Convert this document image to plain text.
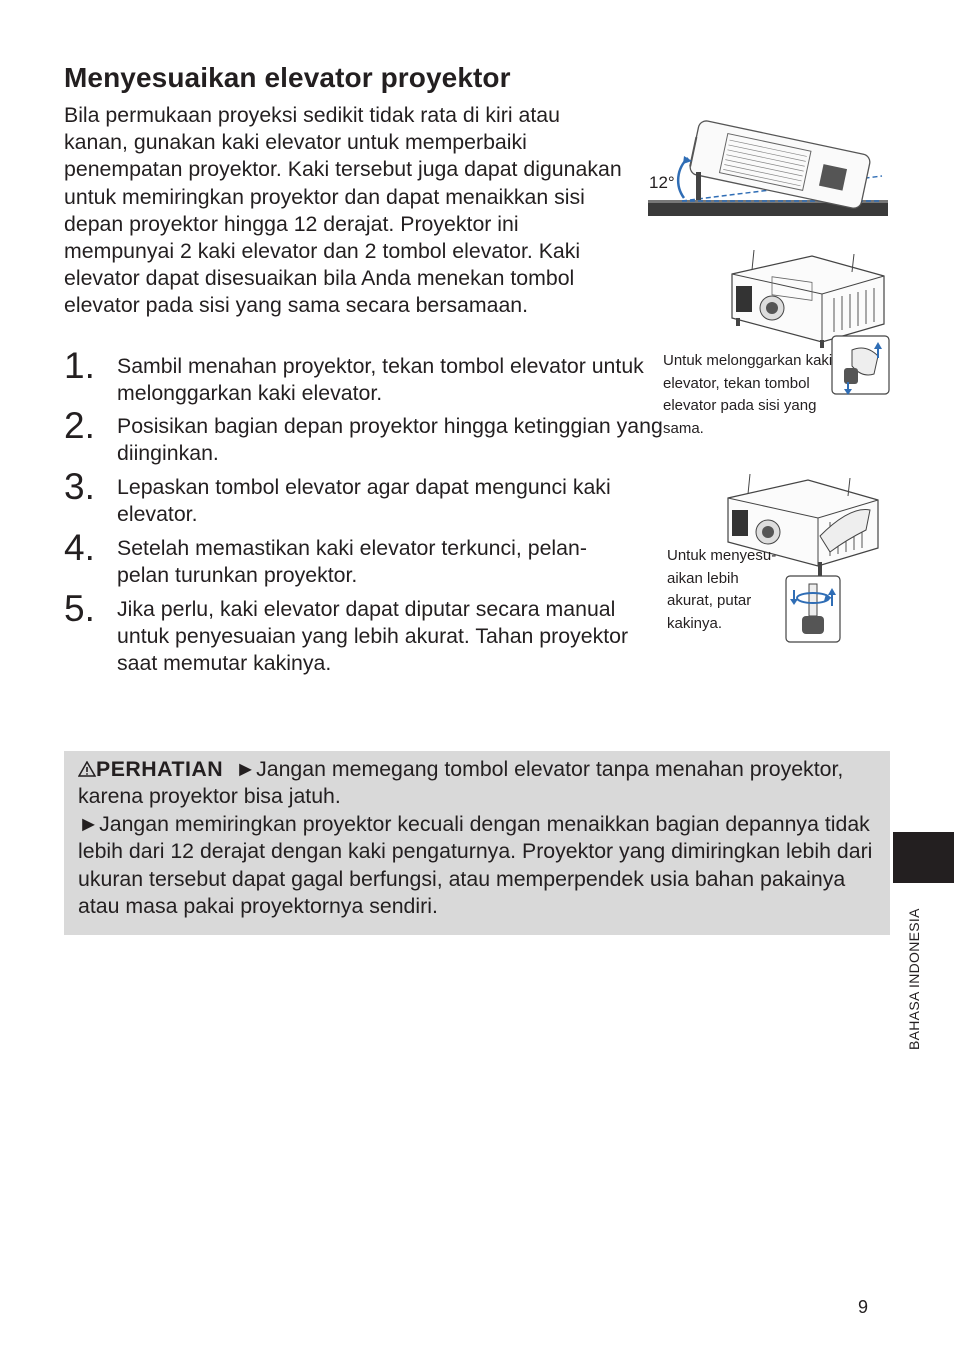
Menyesuaikan elevator proyektor

Bila permukaan proyeksi sedikit tidak rata di kiri atau kanan, gunakan kaki elevator untuk memperbaiki penempatan proyektor. Kaki tersebut juga dapat digunakan untuk memiringkan proyektor dan dapat menaikkan sisi depan proyektor hingga 12 derajat. Proyektor ini mempunyai 2 kaki elevator dan 2 tombol elevator. Kaki elevator dapat disesuaikan bila Anda menekan tombol elevator pada sisi yang sama secara bersamaan.

1. Sambil menahan proyektor, tekan tombol elevator untuk melonggarkan kaki elevator.
2. Posisikan bagian depan proyektor hingga ketinggian yang diinginkan.
3. Lepaskan tombol elevator agar dapat mengunci kaki elevator.
4. Setelah memastikan kaki elevator terkunci, pelan-pelan turunkan proyektor.
5. Jika perlu, kaki elevator dapat diputar secara manual untuk penyesuaian yang lebih akurat. Tahan proyektor saat memutar kakinya.
12°
Untuk melonggarkan kaki elevator, tekan tombol elevator pada sisi yang sama.
Untuk menyesu-aikan lebih akurat, putar kakinya.

PERHATIAN ►Jangan memegang tombol elevator tanpa menahan proyektor, karena proyektor bisa jatuh.
►Jangan memiringkan proyektor kecuali dengan menaikkan bagian depannya tidak lebih dari 12 derajat dengan kaki pengaturnya. Proyektor yang dimiringkan lebih dari ukuran tersebut dapat gagal berfungsi, atau memperpendek usia bahan pakainya atau masa pakai proyektornya sendiri.

BAHASA INDONESIA
9
